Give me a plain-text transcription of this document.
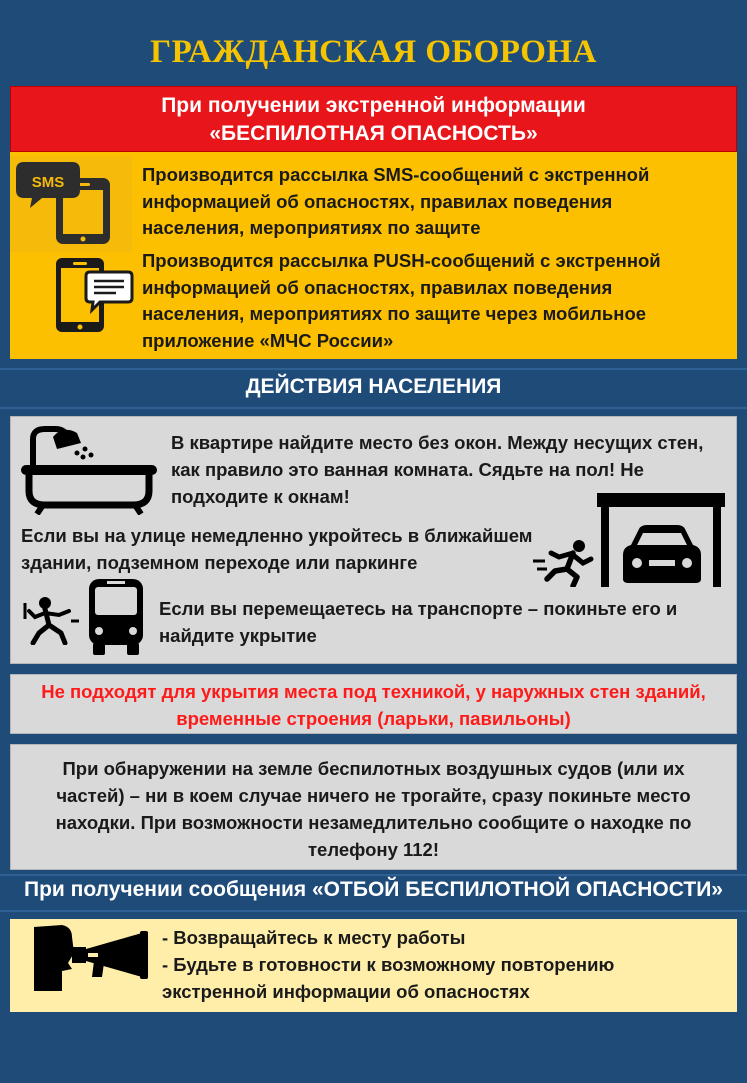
ГРАЖДАНСКАЯ ОБОРОНА
При получении экстренной информации
«БЕСПИЛОТНАЯ ОПАСНОСТЬ»
SMS	Производится рассылка SMS-сообщений с экстренной информацией об опасностях, правилах поведения населения, мероприятиях по защите
Производится рассылка PUSH-сообщений с экстренной информацией об опасностях, правилах поведения населения, мероприятиях по защите через мобильное приложение «МЧС России»
ДЕЙСТВИЯ НАСЕЛЕНИЯ
В квартире найдите место без окон. Между несущих стен, как правило это ванная комната. Сядьте на пол! Не подходите к окнам!
Если вы на улице немедленно укройтесь в ближайшем здании, подземном переходе или паркинге
Если вы перемещаетесь на транспорте – покиньте его и найдите укрытие
Не подходят для укрытия места под техникой, у наружных стен зданий, временные строения (ларьки, павильоны)
При обнаружении на земле беспилотных воздушных судов (или их частей) – ни в коем случае ничего не трогайте, сразу покиньте место находки. При возможности незамедлительно сообщите о находке по телефону 112!
При получении сообщения «ОТБОЙ БЕСПИЛОТНОЙ ОПАСНОСТИ»
- Возвращайтесь к месту работы
- Будьте в готовности к возможному повторению экстренной информации об опасностях
